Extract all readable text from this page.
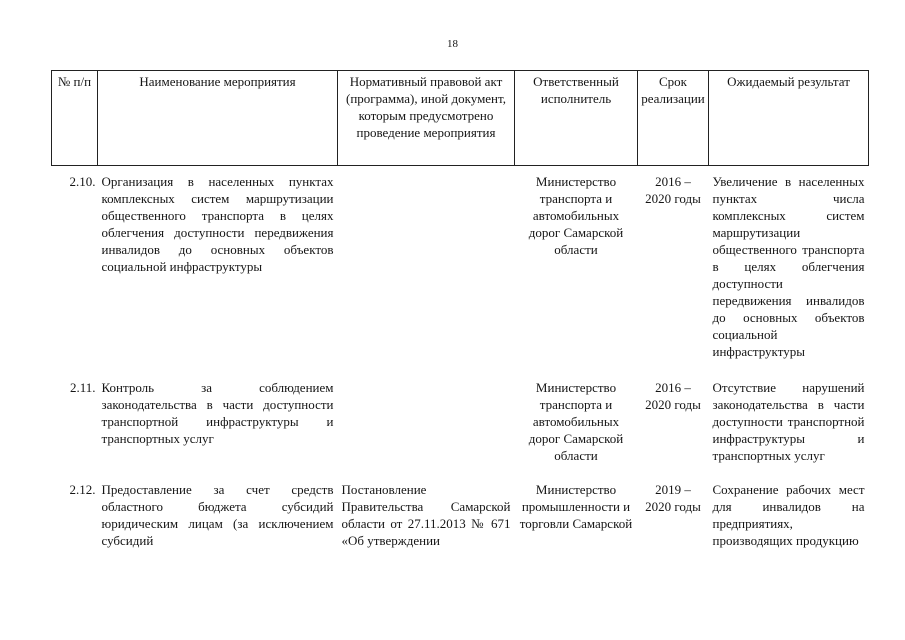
18
№ п/п	Наименование мероприятия	Нормативный правовой акт (программа), иной документ, которым предусмотрено проведение мероприятия	Ответственный исполнитель	Срок реализации	Ожидаемый результат
2.10.	Организация в населенных пунктах комплексных систем маршрутизации общественного транспорта в целях облегчения доступности передвижения инвалидов до основных объектов социальной инфраструктуры		Министерство транспорта и автомобильных дорог Самарской области	2016 – 2020 годы	Увеличение в населенных пунктах числа комплексных систем маршрутизации общественного транспорта в целях облегчения доступности передвижения инвалидов до основных объектов социальной инфраструктуры
2.11.	Контроль за соблюдением законодательства в части доступности транспортной инфраструктуры и транспортных услуг		Министерство транспорта и автомобильных дорог Самарской области	2016 – 2020 годы	Отсутствие нарушений законодательства в части доступности транспортной инфраструктуры и транспортных услуг
2.12.	Предоставление за счет средств областного бюджета субсидий юридическим лицам (за исключением субсидий	Постановление Правительства Самарской области от 27.11.2013 № 671 «Об утверждении	Министерство промышленности и торговли Самарской	2019 – 2020 годы	Сохранение рабочих мест для инвалидов на предприятиях, производящих продукцию
